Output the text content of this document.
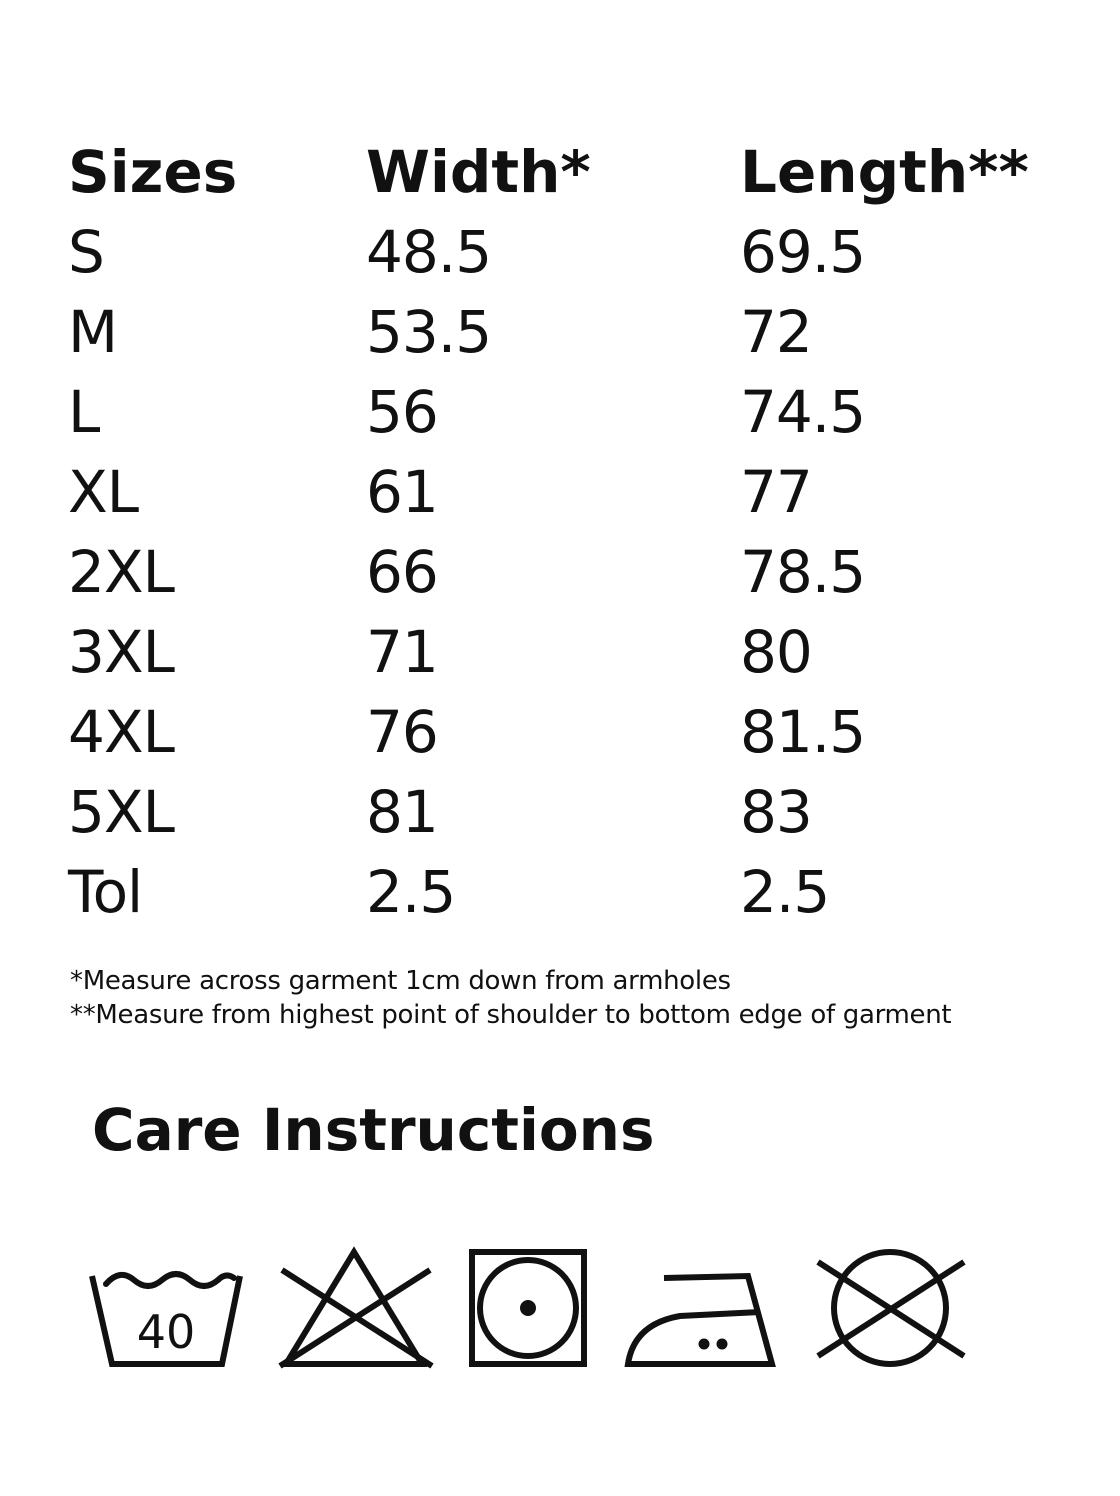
Sizes Width*	Length**
S	48.5	69.5
M	53.5	72
L	56	74.5
XL	61	77
2XL	66	78.5
3XL	71	80
4XL	76	81.5
5XL	81	83
Tol	2.5	2.5
*Measure across garment 1cm down from armholes
**Measure from highest point of shoulder to bottom edge of garment
Care Instructions
40
